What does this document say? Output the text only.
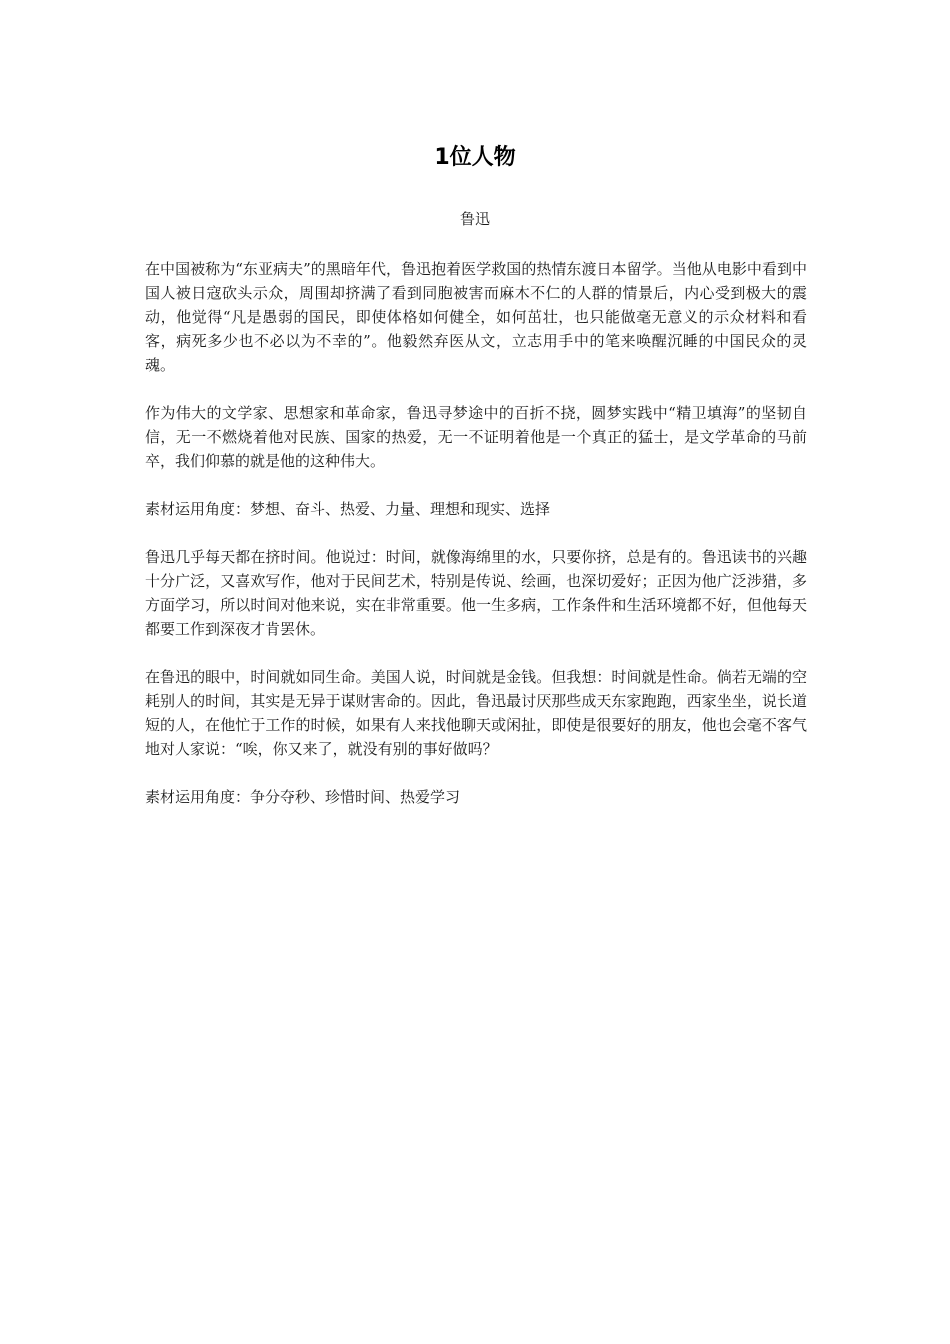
1位人物
鲁迅

在中国被称为“东亚病夫”的黑暗年代，鲁迅抱着医学救国的热情东渡日本留学。当他从电影中看到中国人被日寇砍头示众，周围却挤满了看到同胞被害而麻木不仁的人群的情景后，内心受到极大的震动，他觉得“凡是愚弱的国民，即使体格如何健全，如何茁壮，也只能做毫无意义的示众材料和看客，病死多少也不必以为不幸的”。他毅然弃医从文，立志用手中的笔来唤醒沉睡的中国民众的灵魂。

作为伟大的文学家、思想家和革命家，鲁迅寻梦途中的百折不挠，圆梦实践中“精卫填海”的坚韧自信，无一不燃烧着他对民族、国家的热爱，无一不证明着他是一个真正的猛士，是文学革命的马前卒，我们仰慕的就是他的这种伟大。

素材运用角度：梦想、奋斗、热爱、力量、理想和现实、选择

鲁迅几乎每天都在挤时间。他说过：时间，就像海绵里的水，只要你挤，总是有的。鲁迅读书的兴趣十分广泛，又喜欢写作，他对于民间艺术，特别是传说、绘画，也深切爱好；正因为他广泛涉猎，多方面学习，所以时间对他来说，实在非常重要。他一生多病，工作条件和生活环境都不好，但他每天都要工作到深夜才肯罢休。

在鲁迅的眼中，时间就如同生命。美国人说，时间就是金钱。但我想：时间就是性命。倘若无端的空耗别人的时间，其实是无异于谋财害命的。因此，鲁迅最讨厌那些成天东家跑跑，西家坐坐，说长道短的人，在他忙于工作的时候，如果有人来找他聊天或闲扯，即使是很要好的朋友，他也会毫不客气地对人家说：“唉，你又来了，就没有别的事好做吗？

素材运用角度：争分夺秒、珍惜时间、热爱学习
